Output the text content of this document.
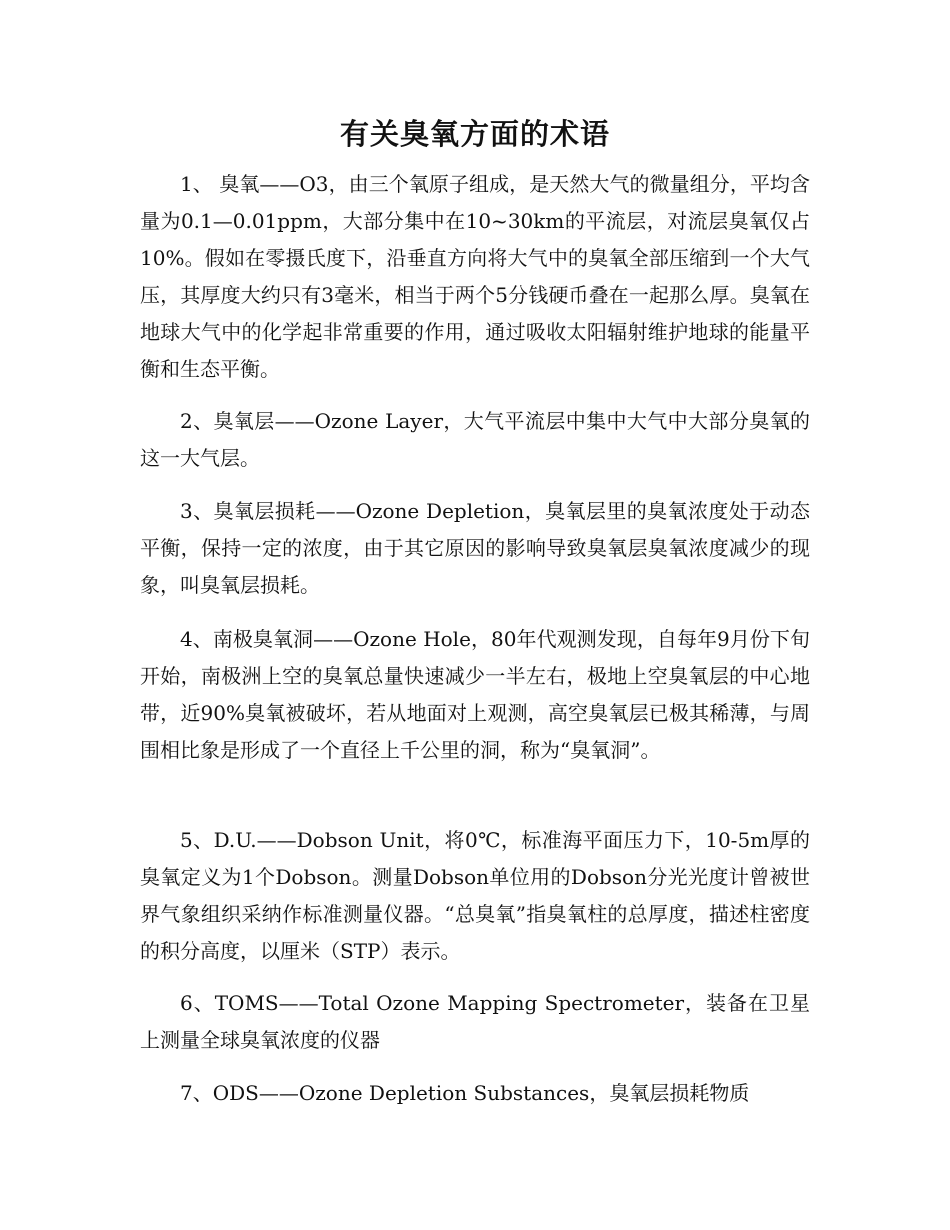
有关臭氧方面的术语

1、 臭氧——O3，由三个氧原子组成，是天然大气的微量组分，平均含量为0.1—0.01ppm，大部分集中在10~30km的平流层，对流层臭氧仅占10%。假如在零摄氏度下，沿垂直方向将大气中的臭氧全部压缩到一个大气压，其厚度大约只有3毫米，相当于两个5分钱硬币叠在一起那么厚。臭氧在地球大气中的化学起非常重要的作用，通过吸收太阳辐射维护地球的能量平衡和生态平衡。

2、臭氧层——Ozone Layer，大气平流层中集中大气中大部分臭氧的这一大气层。

3、臭氧层损耗——Ozone Depletion，臭氧层里的臭氧浓度处于动态平衡，保持一定的浓度，由于其它原因的影响导致臭氧层臭氧浓度减少的现象，叫臭氧层损耗。

4、南极臭氧洞——Ozone Hole，80年代观测发现，自每年9月份下旬开始，南极洲上空的臭氧总量快速减少一半左右，极地上空臭氧层的中心地带，近90%臭氧被破坏，若从地面对上观测，高空臭氧层已极其稀薄，与周围相比象是形成了一个直径上千公里的洞，称为“臭氧洞”。

5、D.U.——Dobson Unit，将0℃，标准海平面压力下，10-5m厚的臭氧定义为1个Dobson。测量Dobson单位用的Dobson分光光度计曾被世界气象组织采纳作标准测量仪器。“总臭氧”指臭氧柱的总厚度，描述柱密度的积分高度，以厘米（STP）表示。

6、TOMS——Total Ozone Mapping Spectrometer，装备在卫星上测量全球臭氧浓度的仪器

7、ODS——Ozone Depletion Substances，臭氧层损耗物质
